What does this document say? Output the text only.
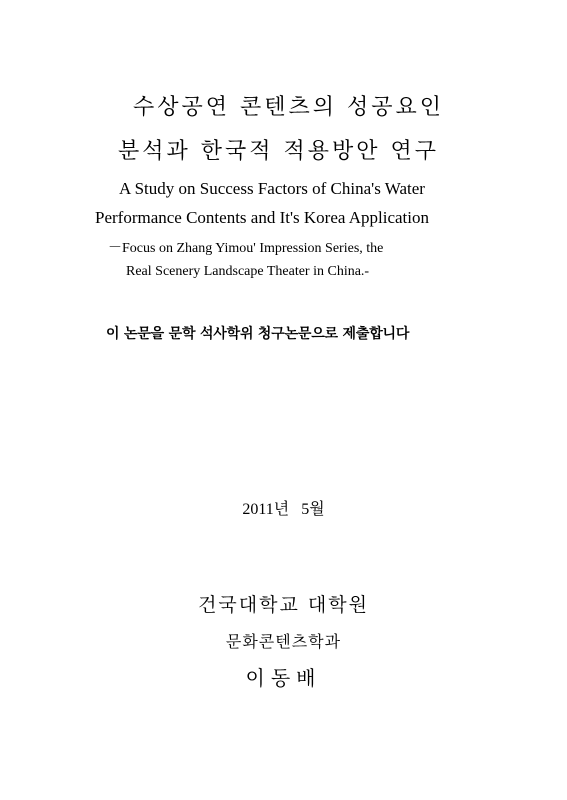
수상공연 콘텐츠의 성공요인
분석과 한국적 적용방안 연구

A Study on Success Factors of China's Water

Performance Contents and It's Korea Application

－Focus on Zhang Yimou' Impression Series, the

Real Scenery Landscape Theater in China.-

이 논문을 문학 석사학위 청구논문으로 제출합니다

2011년 5월

건국대학교 대학원

문화콘텐츠학과

이동배
